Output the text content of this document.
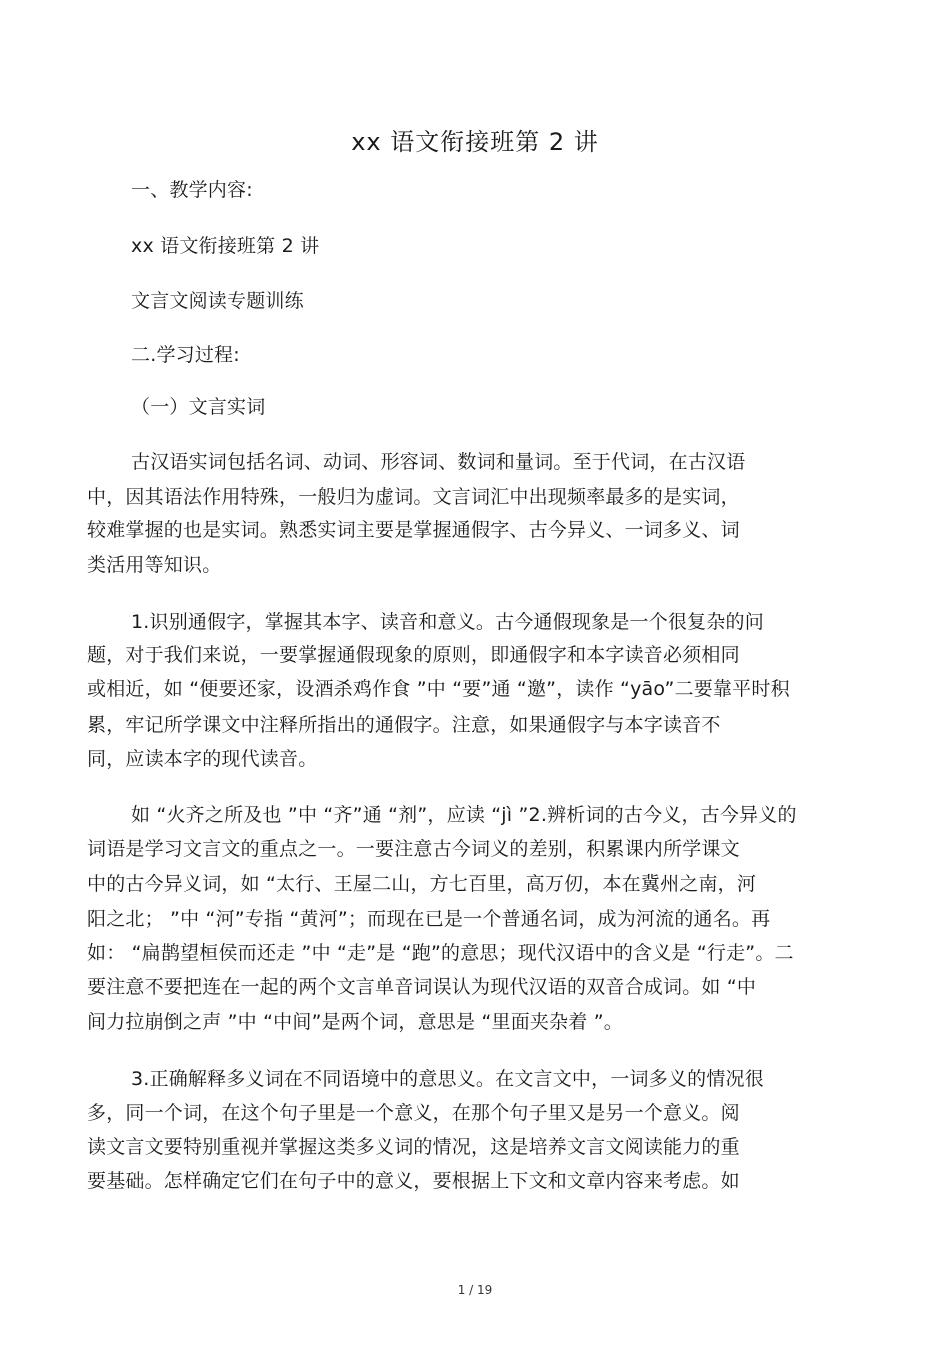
xx 语文衔接班第 2 讲
一、教学内容:
xx 语文衔接班第 2 讲
文言文阅读专题训练
二.学习过程:
（一）文言实词
古汉语实词包括名词、动词、形容词、数词和量词。至于代词，在古汉语
中，因其语法作用特殊，一般归为虚词。文言词汇中出现频率最多的是实词，
较难掌握的也是实词。熟悉实词主要是掌握通假字、古今异义、一词多义、词
类活用等知识。
1.识别通假字，掌握其本字、读音和意义。古今通假现象是一个很复杂的问
题，对于我们来说，一要掌握通假现象的原则，即通假字和本字读音必须相同
或相近，如 “便要还家，设酒杀鸡作食 ”中 “要”通 “邀”，读作 “yāo”二要靠平时积
累，牢记所学课文中注释所指出的通假字。注意，如果通假字与本字读音不
同，应读本字的现代读音。
如 “火齐之所及也 ”中 “齐”通 “剂”，应读 “jì ”2.辨析词的古今义，古今异义的
词语是学习文言文的重点之一。一要注意古今词义的差别，积累课内所学课文
中的古今异义词，如 “太行、王屋二山，方七百里，高万仞，本在冀州之南，河
阳之北； ”中 “河”专指 “黄河”；而现在已是一个普通名词，成为河流的通名。再
如： “扁鹊望桓侯而还走 ”中 “走”是 “跑”的意思；现代汉语中的含义是 “行走”。二
要注意不要把连在一起的两个文言单音词误认为现代汉语的双音合成词。如 “中
间力拉崩倒之声 ”中 “中间”是两个词，意思是 “里面夹杂着 ”。
3.正确解释多义词在不同语境中的意思义。在文言文中，一词多义的情况很
多，同一个词，在这个句子里是一个意义，在那个句子里又是另一个意义。阅
读文言文要特别重视并掌握这类多义词的情况，这是培养文言文阅读能力的重
要基础。怎样确定它们在句子中的意义，要根据上下文和文章内容来考虑。如
1 / 19
